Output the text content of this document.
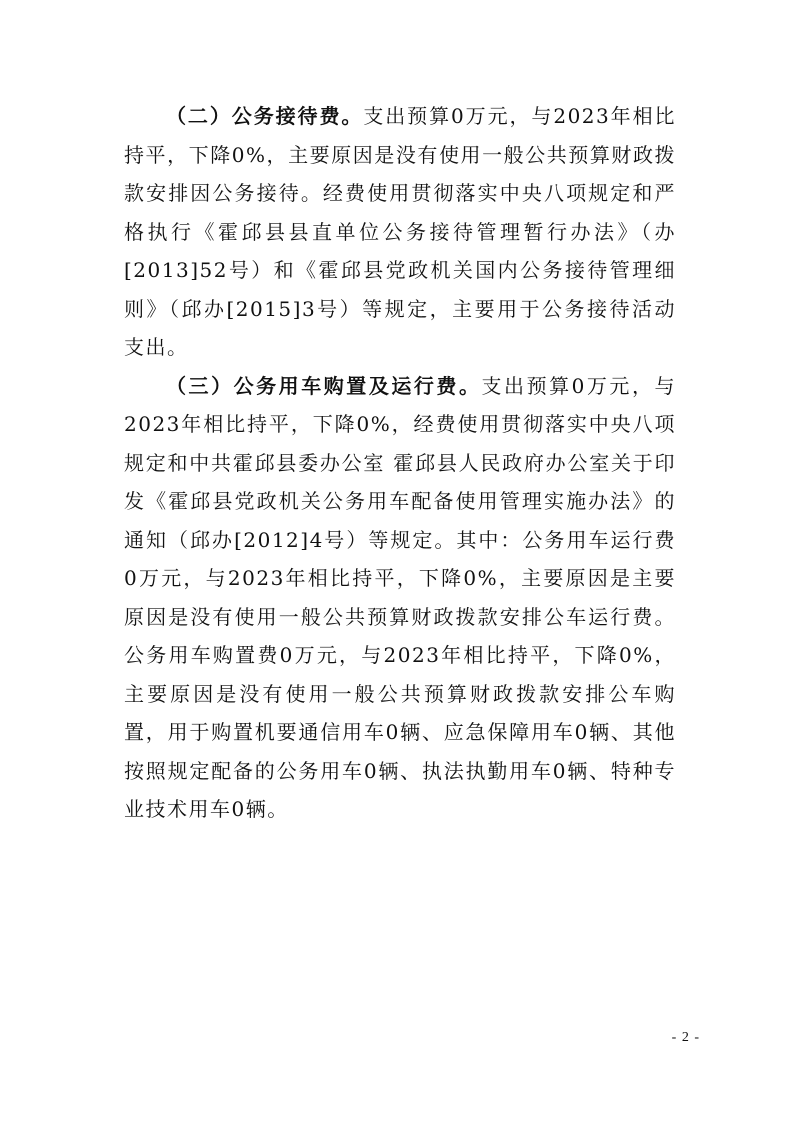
（二）公务接待费。支出预算0万元，与2023年相比持平，下降0%，主要原因是没有使用一般公共预算财政拨款安排因公务接待。经费使用贯彻落实中央八项规定和严格执行《霍邱县县直单位公务接待管理暂行办法》（办[2013]52号）和《霍邱县党政机关国内公务接待管理细则》（邱办[2015]3号）等规定，主要用于公务接待活动支出。

（三）公务用车购置及运行费。支出预算0万元，与2023年相比持平，下降0%，经费使用贯彻落实中央八项规定和中共霍邱县委办公室 霍邱县人民政府办公室关于印发《霍邱县党政机关公务用车配备使用管理实施办法》的通知（邱办[2012]4号）等规定。其中：公务用车运行费0万元，与2023年相比持平，下降0%，主要原因是主要原因是没有使用一般公共预算财政拨款安排公车运行费。公务用车购置费0万元，与2023年相比持平，下降0%，主要原因是没有使用一般公共预算财政拨款安排公车购置，用于购置机要通信用车0辆、应急保障用车0辆、其他按照规定配备的公务用车0辆、执法执勤用车0辆、特种专业技术用车0辆。

- 2 -
